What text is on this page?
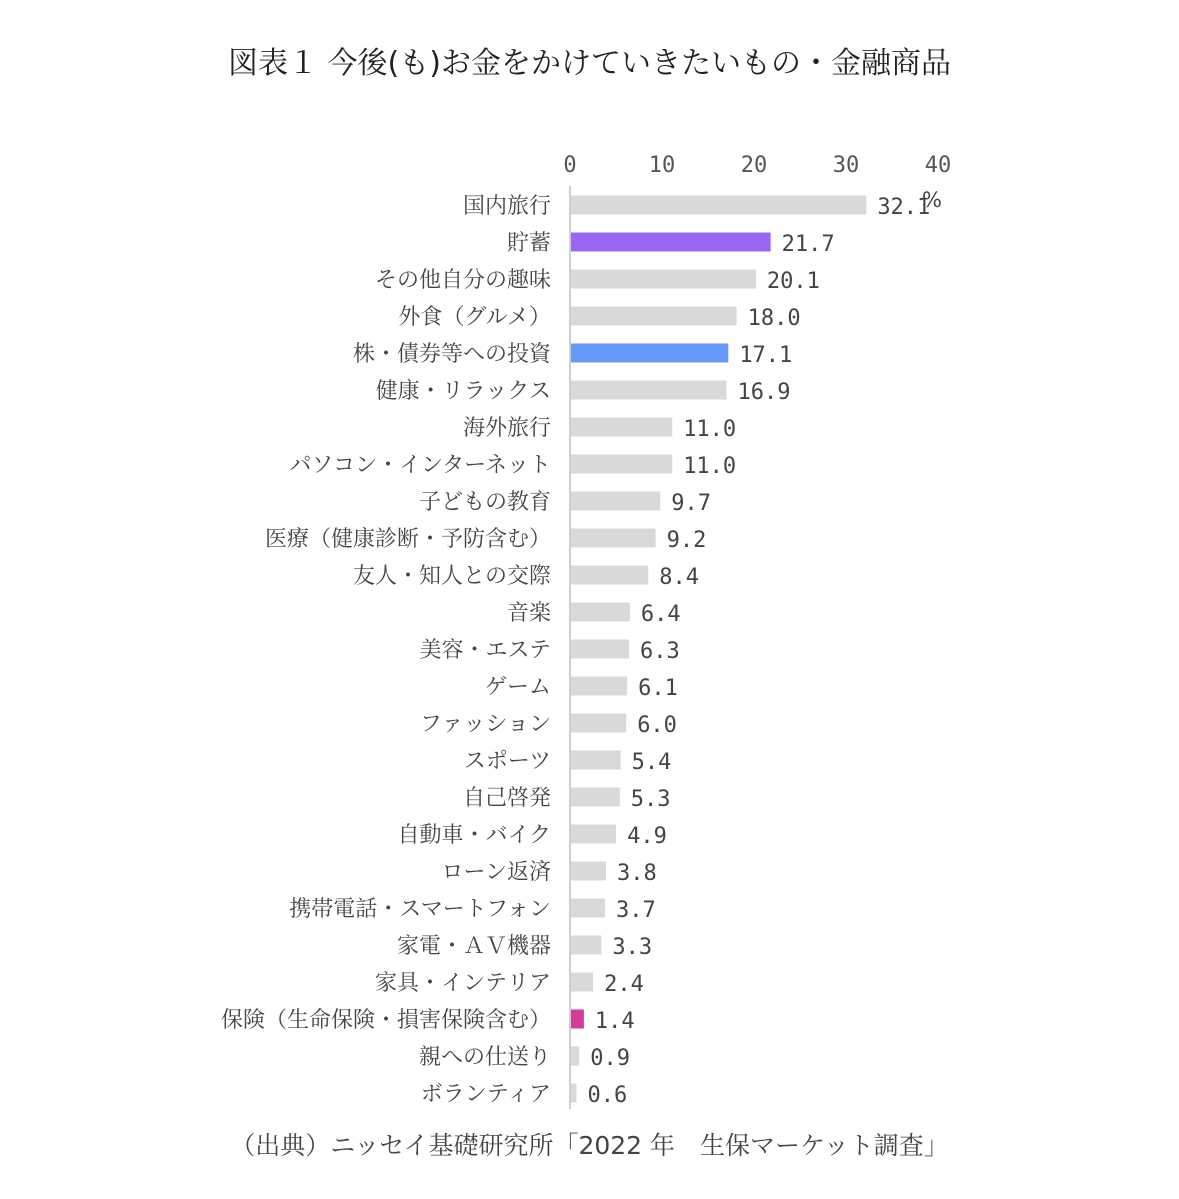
図表１ 今後(も)お金をかけていきたいもの・金融商品
0	10	20	30	40
国内旅行	32.1
貯蓄	21.7
その他自分の趣味	20.1
外食（グルメ）	18.0
株・債券等への投資	17.1
健康・リラックス	16.9
海外旅行	11.0
パソコン・インターネット	11.0
子どもの教育	9.7
医療（健康診断・予防含む）	9.2
友人・知人との交際	8.4
音楽	6.4
美容・エステ	6.3
ゲーム	6.1
ファッション	6.0
スポーツ	5.4
自己啓発	5.3
自動車・バイク	4.9
ローン返済	3.8
携帯電話・スマートフォン	3.7
家電・ＡＶ機器	3.3
家具・インテリア 2.4
保険（生命保険・損害保険含む） 1.4
親への仕送り 0.9
ボランティア 0.6
%
（出典）ニッセイ基礎研究所「2022 年　生保マーケット調査」
